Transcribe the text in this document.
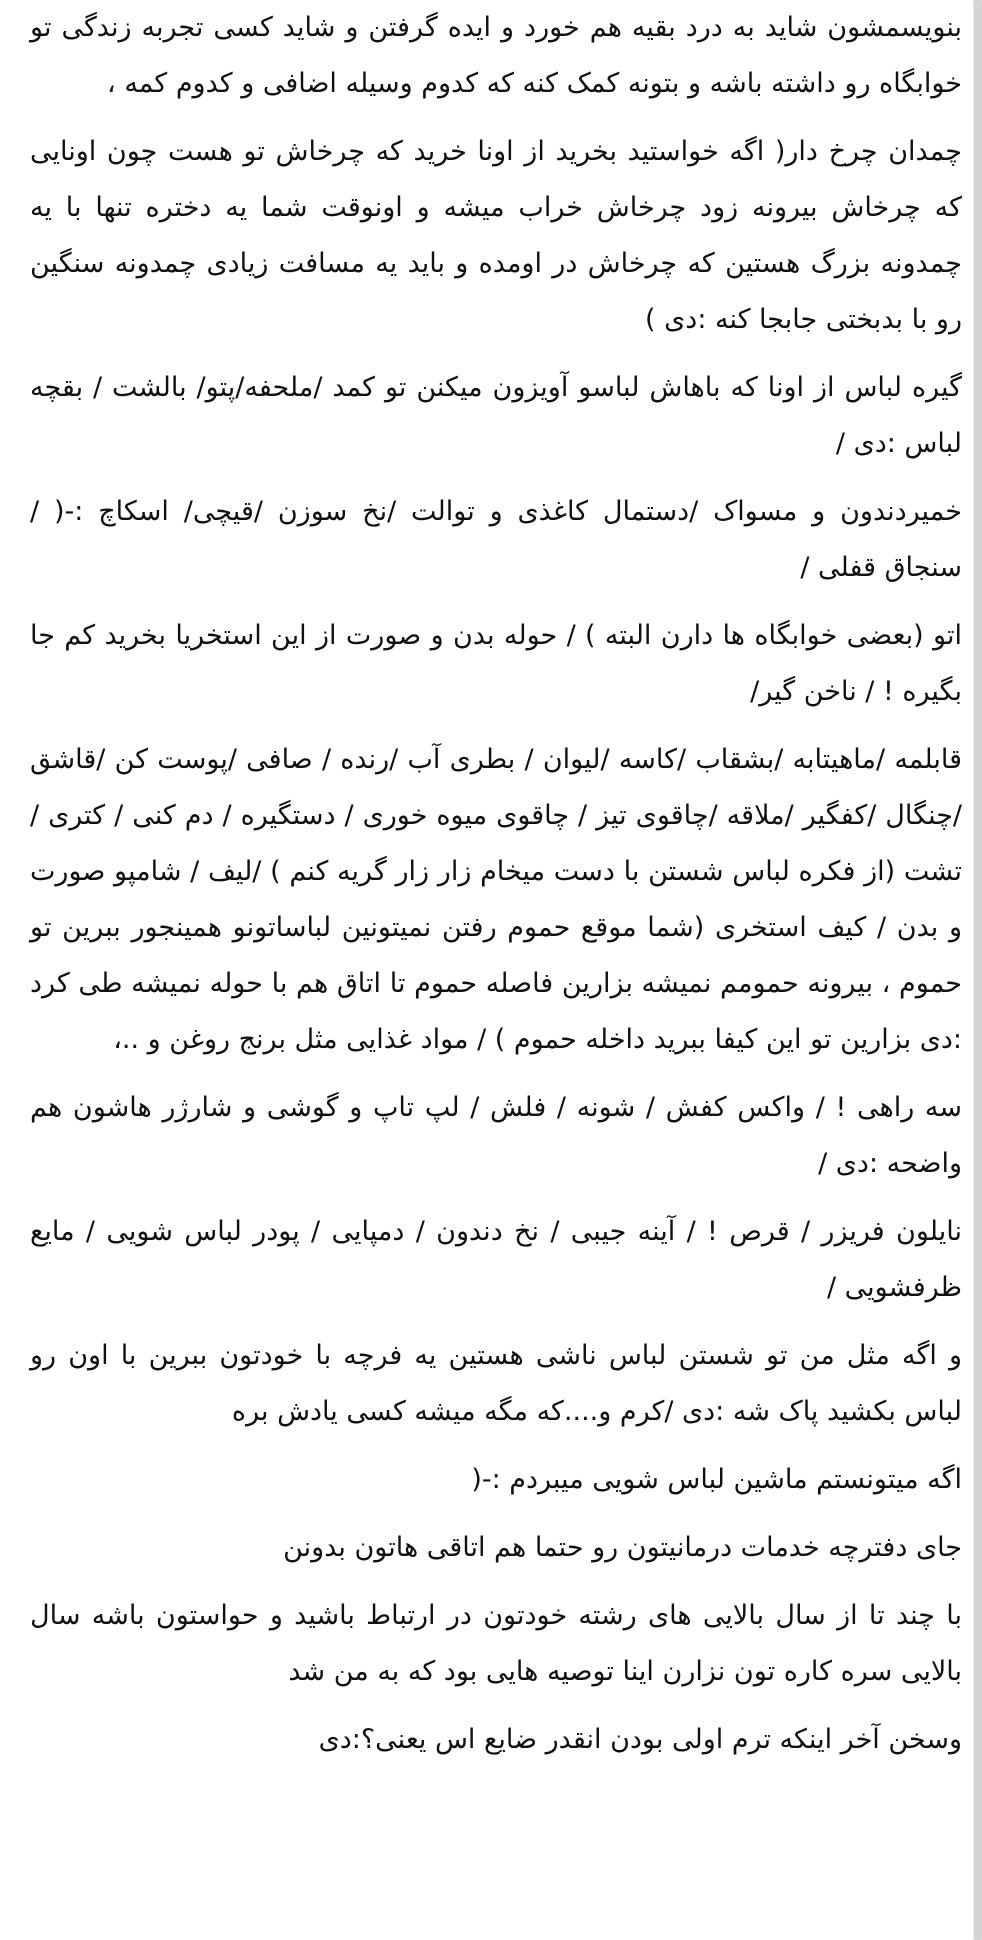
بنویسمشون شاید به درد بقیه هم خورد و ایده گرفتن و شاید کسی تجربه زندگی تو خوابگاه رو داشته باشه و بتونه کمک کنه که کدوم وسیله اضافی و کدوم کمه ،

چمدان چرخ دار( اگه خواستید بخرید از اونا خرید که چرخاش تو هست چون اونایی که چرخاش بیرونه زود چرخاش خراب میشه و اونوقت شما یه دختره تنها با یه چمدونه بزرگ هستین که چرخاش در اومده و باید یه مسافت زیادی چمدونه سنگین رو با بدبختی جابجا کنه :دی )

گیره لباس از اونا که باهاش لباسو آویزون میکنن تو کمد /ملحفه/پتو/ بالشت / بقچه لباس :دی /

خمیردندون و مسواک /دستمال کاغذی و توالت /نخ سوزن /قیچی/ اسکاچ :-( / سنجاق قفلی /

اتو (بعضی خوابگاه ها دارن البته ) / حوله بدن و صورت از این استخریا بخرید کم جا بگیره ! / ناخن گیر/

قابلمه /ماهیتابه /بشقاب /کاسه /لیوان / بطری آب /رنده / صافی /پوست کن /قاشق /چنگال /کفگیر /ملاقه /چاقوی تیز / چاقوی میوه خوری / دستگیره / دم کنی / کتری / تشت (از فکره لباس شستن با دست میخام زار زار گریه کنم ) /لیف / شامپو صورت و بدن / کیف استخری (شما موقع حموم رفتن نمیتونین لباساتونو همینجور ببرین تو حموم ، بیرونه حمومم نمیشه بزارین فاصله حموم تا اتاق هم با حوله نمیشه طی کرد :دی بزارین تو این کیفا ببرید داخله حموم ) / مواد غذایی مثل برنج روغن و ..،

سه راهی ! / واکس کفش / شونه / فلش / لپ تاپ و گوشی و شارژر هاشون هم واضحه :دی /

نایلون فریزر / قرص ! / آینه جیبی / نخ دندون / دمپایی / پودر لباس شویی / مایع ظرفشویی /

و اگه مثل من تو شستن لباس ناشی هستین یه فرچه با خودتون ببرین با اون رو لباس بکشید پاک شه :دی /کرم و....که مگه میشه کسی یادش بره

اگه میتونستم ماشین لباس شویی میبردم :-(

جای دفترچه خدمات درمانیتون رو حتما هم اتاقی هاتون بدونن

با چند تا از سال بالایی های رشته خودتون در ارتباط باشید و حواستون باشه سال بالایی سره کاره تون نزارن اینا توصیه هایی بود که به من شد

وسخن آخر اینکه ترم اولی بودن انقدر ضایع اس یعنی؟:دی
